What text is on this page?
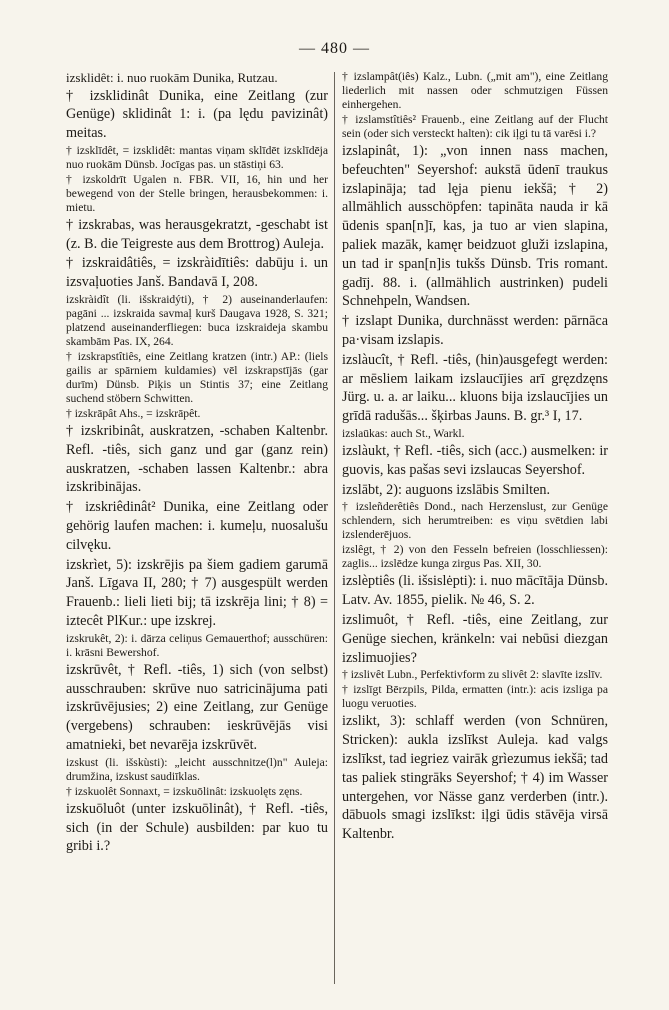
— 480 —

izsklidêt: i. nuo ruokām Dunika, Rutzau.

† izsklidinât Dunika, eine Zeitlang (zur Genüge) sklidinât 1: i. (pa lędu pavizinât) meitas.

† izsklīdêt, = izsklidêt: mantas viņam sklīdēt izsklīdēja nuo ruokām Dünsb. Jocīgas pas. un stāstiņi 63.

† izskoldrīt Ugalen n. FBR. VII, 16, hin und her bewegend von der Stelle bringen, herausbekommen: i. mietu.

† izskrabas, was herausgekratzt, -geschabt ist (z. B. die Teigreste aus dem Brottrog) Auleja.

† izskraidâtiês, = izskràidītiês: dabūju i. un izsvaļuoties Janš. Bandavā I, 208.

izskràidît (li. išskraidýti), † 2) auseinanderlaufen: pagāni ... izskraida savmaļ kurš Daugava 1928, S. 321; platzend auseinanderfliegen: buca izskraideja skambu skambām Pas. IX, 264.

† izskrapstîtiês, eine Zeitlang kratzen (intr.) AP.: (liels gailis ar spārniem kuldamies) vēl izskrapstījās (gar durīm) Dünsb. Piķis un Stintis 37; eine Zeitlang suchend stöbern Schwitten.

† izskrāpât Ahs., = izskrāpêt.

† izskribinât, auskratzen, -schaben Kaltenbr. Refl. -tiês, sich ganz und gar (ganz rein) auskratzen, -schaben lassen Kaltenbr.: abra izskribinājas.

† izskriêdinât² Dunika, eine Zeitlang oder gehörig laufen machen: i. kumeļu, nuosalušu cilvęku.

izskrìet, 5): izskrējis pa šiem gadiem garumā Janš. Līgava II, 280; † 7) ausgespült werden Frauenb.: lieli lieti bij; tā izskrēja lini; † 8) = iztecêt PlKur.: upe izskrej.

izskrukêt, 2): i. dārza celiņus Gemauerthof; ausschüren: i. krāsni Bewershof.

izskrūvêt, † Refl. -tiês, 1) sich (von selbst) ausschrauben: skrūve nuo satricinājuma pati izskrūvējusies; 2) eine Zeitlang, zur Genüge (vergebens) schrauben: ieskrūvējās visi amatnieki, bet nevarēja izskrūvēt.

izskust (li. išskùsti): „leicht ausschnitze(l)n" Auleja: drumžina, izskust saudiīklas.

† izskuolêt Sonnaxt, = izskuōlinât: izskuolęts zęns.

izskuōluôt (unter izskuōlinât), † Refl. -tiês, sich (in der Schule) ausbilden: par kuo tu gribi i.?

† izslampât(iês) Kalz., Lubn. („mit am"), eine Zeitlang liederlich mit nassen oder schmutzigen Füssen einhergehen.

† izslamstîtiês² Frauenb., eine Zeitlang auf der Flucht sein (oder sich versteckt halten): cik iļgi tu tā varēsi i.?

izslapinât, 1): „von innen nass machen, befeuchten" Seyershof: aukstā ūdenī traukus izslapināja; tad lęja pienu iekšā; † 2) allmählich ausschöpfen: tapināta nauda ir kā ūdenis span[n]ī, kas, ja tuo ar vien slapina, paliek mazāk, kamęr beidzuot gluži izslapina, un tad ir span[n]is tukšs Dünsb. Tris romant. gadīj. 88. i. (allmählich austrinken) pudeli Schnehpeln, Wandsen.

† izslapt Dunika, durchnässt werden: pārnāca pa·visam izslapis.

izslàucît, † Refl. -tiês, (hin)ausgefegt werden: ar mēsliem laikam izslaucījies arī gręzdzęns Jürg. u. a. ar laiku... kluons bija izslaucījies un grīdā radušās... šķirbas Jauns. B. gr.³ I, 17.

izslaūkas: auch St., Warkl.

izslàukt, † Refl. -tiês, sich (acc.) ausmelken: ir guovis, kas pašas sevi izslaucas Seyershof.

izslābt, 2): auguons izslābis Smilten.

† izsleñderêtiês Dond., nach Herzenslust, zur Genüge schlendern, sich herumtreiben: es viņu svētdien labi izslenderējuos.

izslêgt, † 2) von den Fesseln befreien (losschliessen): zaglis... izslēdze kunga zirgus Pas. XII, 30.

izslèptiês (li. išsislėpti): i. nuo mācītāja Dünsb. Latv. Av. 1855, pielik. № 46, S. 2.

izslimuôt, † Refl. -tiês, eine Zeitlang, zur Genüge siechen, kränkeln: vai nebūsi diezgan izslimuojies?

† izslivêt Lubn., Perfektivform zu slivêt 2: slavīte izslīv.

† izslīgt Bērzpils, Pilda, ermatten (intr.): acis izsliga pa luogu veruoties.

izslikt, 3): schlaff werden (von Schnüren, Stricken): aukla izslīkst Auleja. kad valgs izslīkst, tad iegriez vairāk grìezumus iekšā; tad tas paliek stingrāks Seyershof; † 4) im Wasser untergehen, vor Nässe ganz verderben (intr.). dābuols smagi izslīkst: iļgi ūdis stāvēja virsā Kaltenbr.
